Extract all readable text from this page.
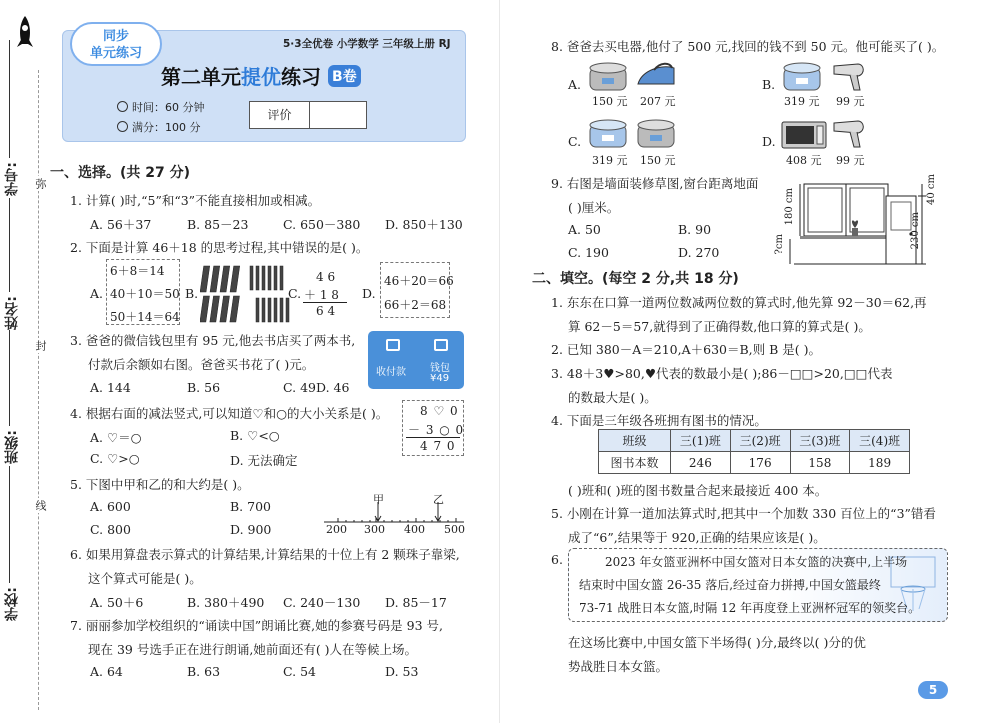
学号:
姓名:
班级:
学校:
弥
封
线
5·3全优卷 小学数学 三年级上册 RJ
第二单元提优练习 B卷
时间：60 分钟
满分：100 分
评价
同步
单元练习
一、选择。(共 27 分)
1. 计算( )时,“5”和“3”不能直接相加或相减。
A. 56＋37	B. 85－23	C. 650－380 D. 850＋130
2. 下面是计算 46＋18 的思考过程,其中错误的是( )。
A.
6＋8＝14
40＋10＝50
50＋14＝64
B.	C.
4 6
＋ 1 8
6 4
D.
46＋20＝66
66＋2＝68
3. 爸爸的微信钱包里有 95 元,他去书店买了两本书,
付款后余额如右图。爸爸买书花了( )元。
收付款 钱包
¥49
A. 144	B. 56	C. 49 D. 46
4. 根据右面的减法竖式,可以知道♡和○的大小关系是( )。	8 ♡ 0
－ 3 ○ 0
4 7 0
A. ♡＝○	B. ♡<○
C. ♡>○	D. 无法确定
5. 下图中甲和乙的和大约是( )。
A. 600	B. 700
C. 800	D. 900
甲	乙
200 300 400 500
6. 如果用算盘表示算式的计算结果,计算结果的十位上有 2 颗珠子靠梁,
这个算式可能是( )。
A. 50＋6	B. 380＋490 C. 240－130 D. 85－17
7. 丽丽参加学校组织的“诵读中国”朗诵比赛,她的参赛号码是 93 号,
现在 39 号选手正在进行朗诵,她前面还有( )人在等候上场。
A. 64	B. 63	C. 54	D. 53
8. 爸爸去买电器,他付了 500 元,找回的钱不到 50 元。他可能买了( )。
A.
150 元 207 元
B.
319 元 99 元
C.
319 元 150 元
D.
408 元 99 元
9. 右图是墙面装修草图,窗台距离地面
( )厘米。
A. 50	B. 90
C. 190	D. 270
180 cm	40 cm
230 cm
?cm
二、填空。(每空 2 分,共 18 分)
1. 东东在口算一道两位数减两位数的算式时,他先算 92－30＝62,再
算 62－5＝57,就得到了正确得数,他口算的算式是( )。
2. 已知 380－A＝210,A＋630＝B,则 B 是( )。
3. 48＋3♥>80,♥代表的数最小是( );86－□□>20,□□代表
的数最大是( )。
4. 下面是三年级各班拥有图书的情况。
班级	三(1)班	三(2)班	三(3)班	三(4)班
图书本数	246	176	158	189
( )班和( )班的图书数量合起来最接近 400 本。
5. 小刚在计算一道加法算式时,把其中一个加数 330 百位上的“3”错看
成了“6”,结果等于 920,正确的结果应该是( )。
6.	2023 年女篮亚洲杯中国女篮对日本女篮的决赛中,上半场
结束时中国女篮 26-35 落后,经过奋力拼搏,中国女篮最终
73-71 战胜日本女篮,时隔 12 年再度登上亚洲杯冠军的领奖台。
在这场比赛中,中国女篮下半场得( )分,最终以( )分的优
势战胜日本女篮。
5
